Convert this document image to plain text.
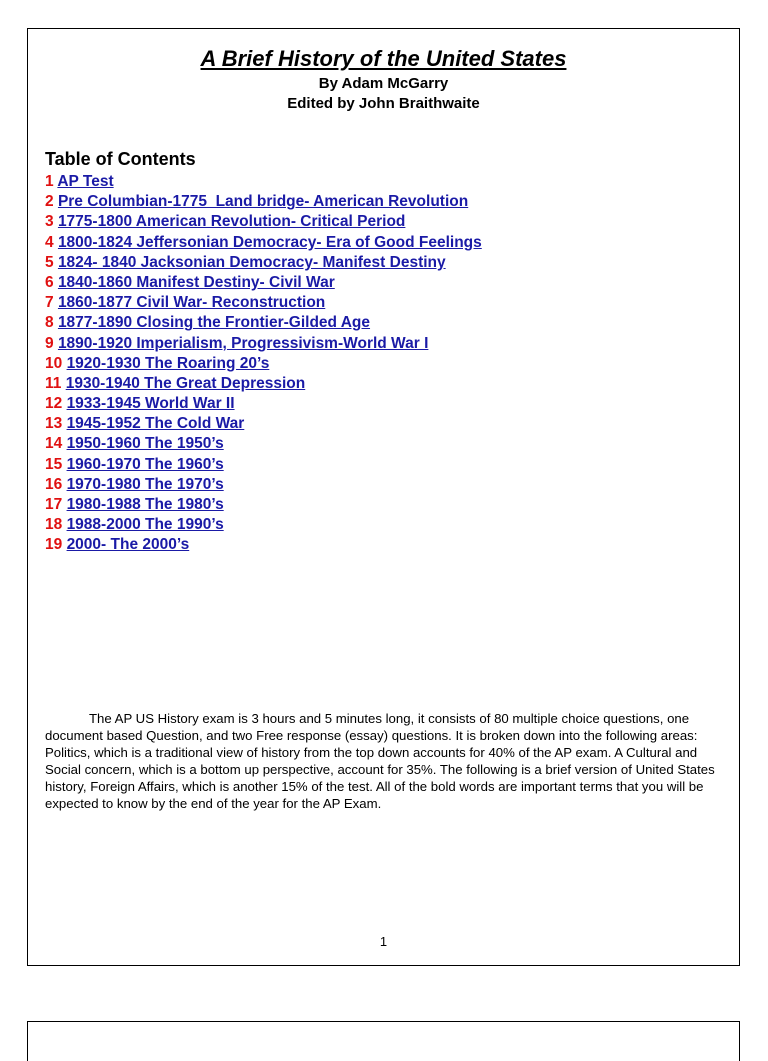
A Brief History of the United States
By Adam McGarry
Edited by John Braithwaite
Table of Contents
1 AP Test
2 Pre Columbian-1775  Land bridge- American Revolution
3 1775-1800 American Revolution- Critical Period
4 1800-1824 Jeffersonian Democracy- Era of Good Feelings
5 1824- 1840 Jacksonian Democracy- Manifest Destiny
6 1840-1860 Manifest Destiny- Civil War
7 1860-1877 Civil War- Reconstruction
8 1877-1890 Closing the Frontier-Gilded Age
9 1890-1920 Imperialism, Progressivism-World War I
10 1920-1930 The Roaring 20’s
11 1930-1940 The Great Depression
12 1933-1945 World War II
13 1945-1952 The Cold War
14 1950-1960 The 1950’s
15 1960-1970 The 1960’s
16 1970-1980 The 1970’s
17 1980-1988 The 1980’s
18 1988-2000 The 1990’s
19 2000- The 2000’s

The AP US History exam is 3 hours and 5 minutes long, it consists of 80 multiple choice questions, one document based Question, and two Free response (essay) questions. It is broken down into the following areas: Politics, which is a traditional view of history from the top down accounts for 40% of the AP exam. A Cultural and Social concern, which is a bottom up perspective, account for 35%. The following is a brief version of United States history, Foreign Affairs, which is another 15% of the test. All of the bold words are important terms that you will be expected to know by the end of the year for the AP Exam.

1
